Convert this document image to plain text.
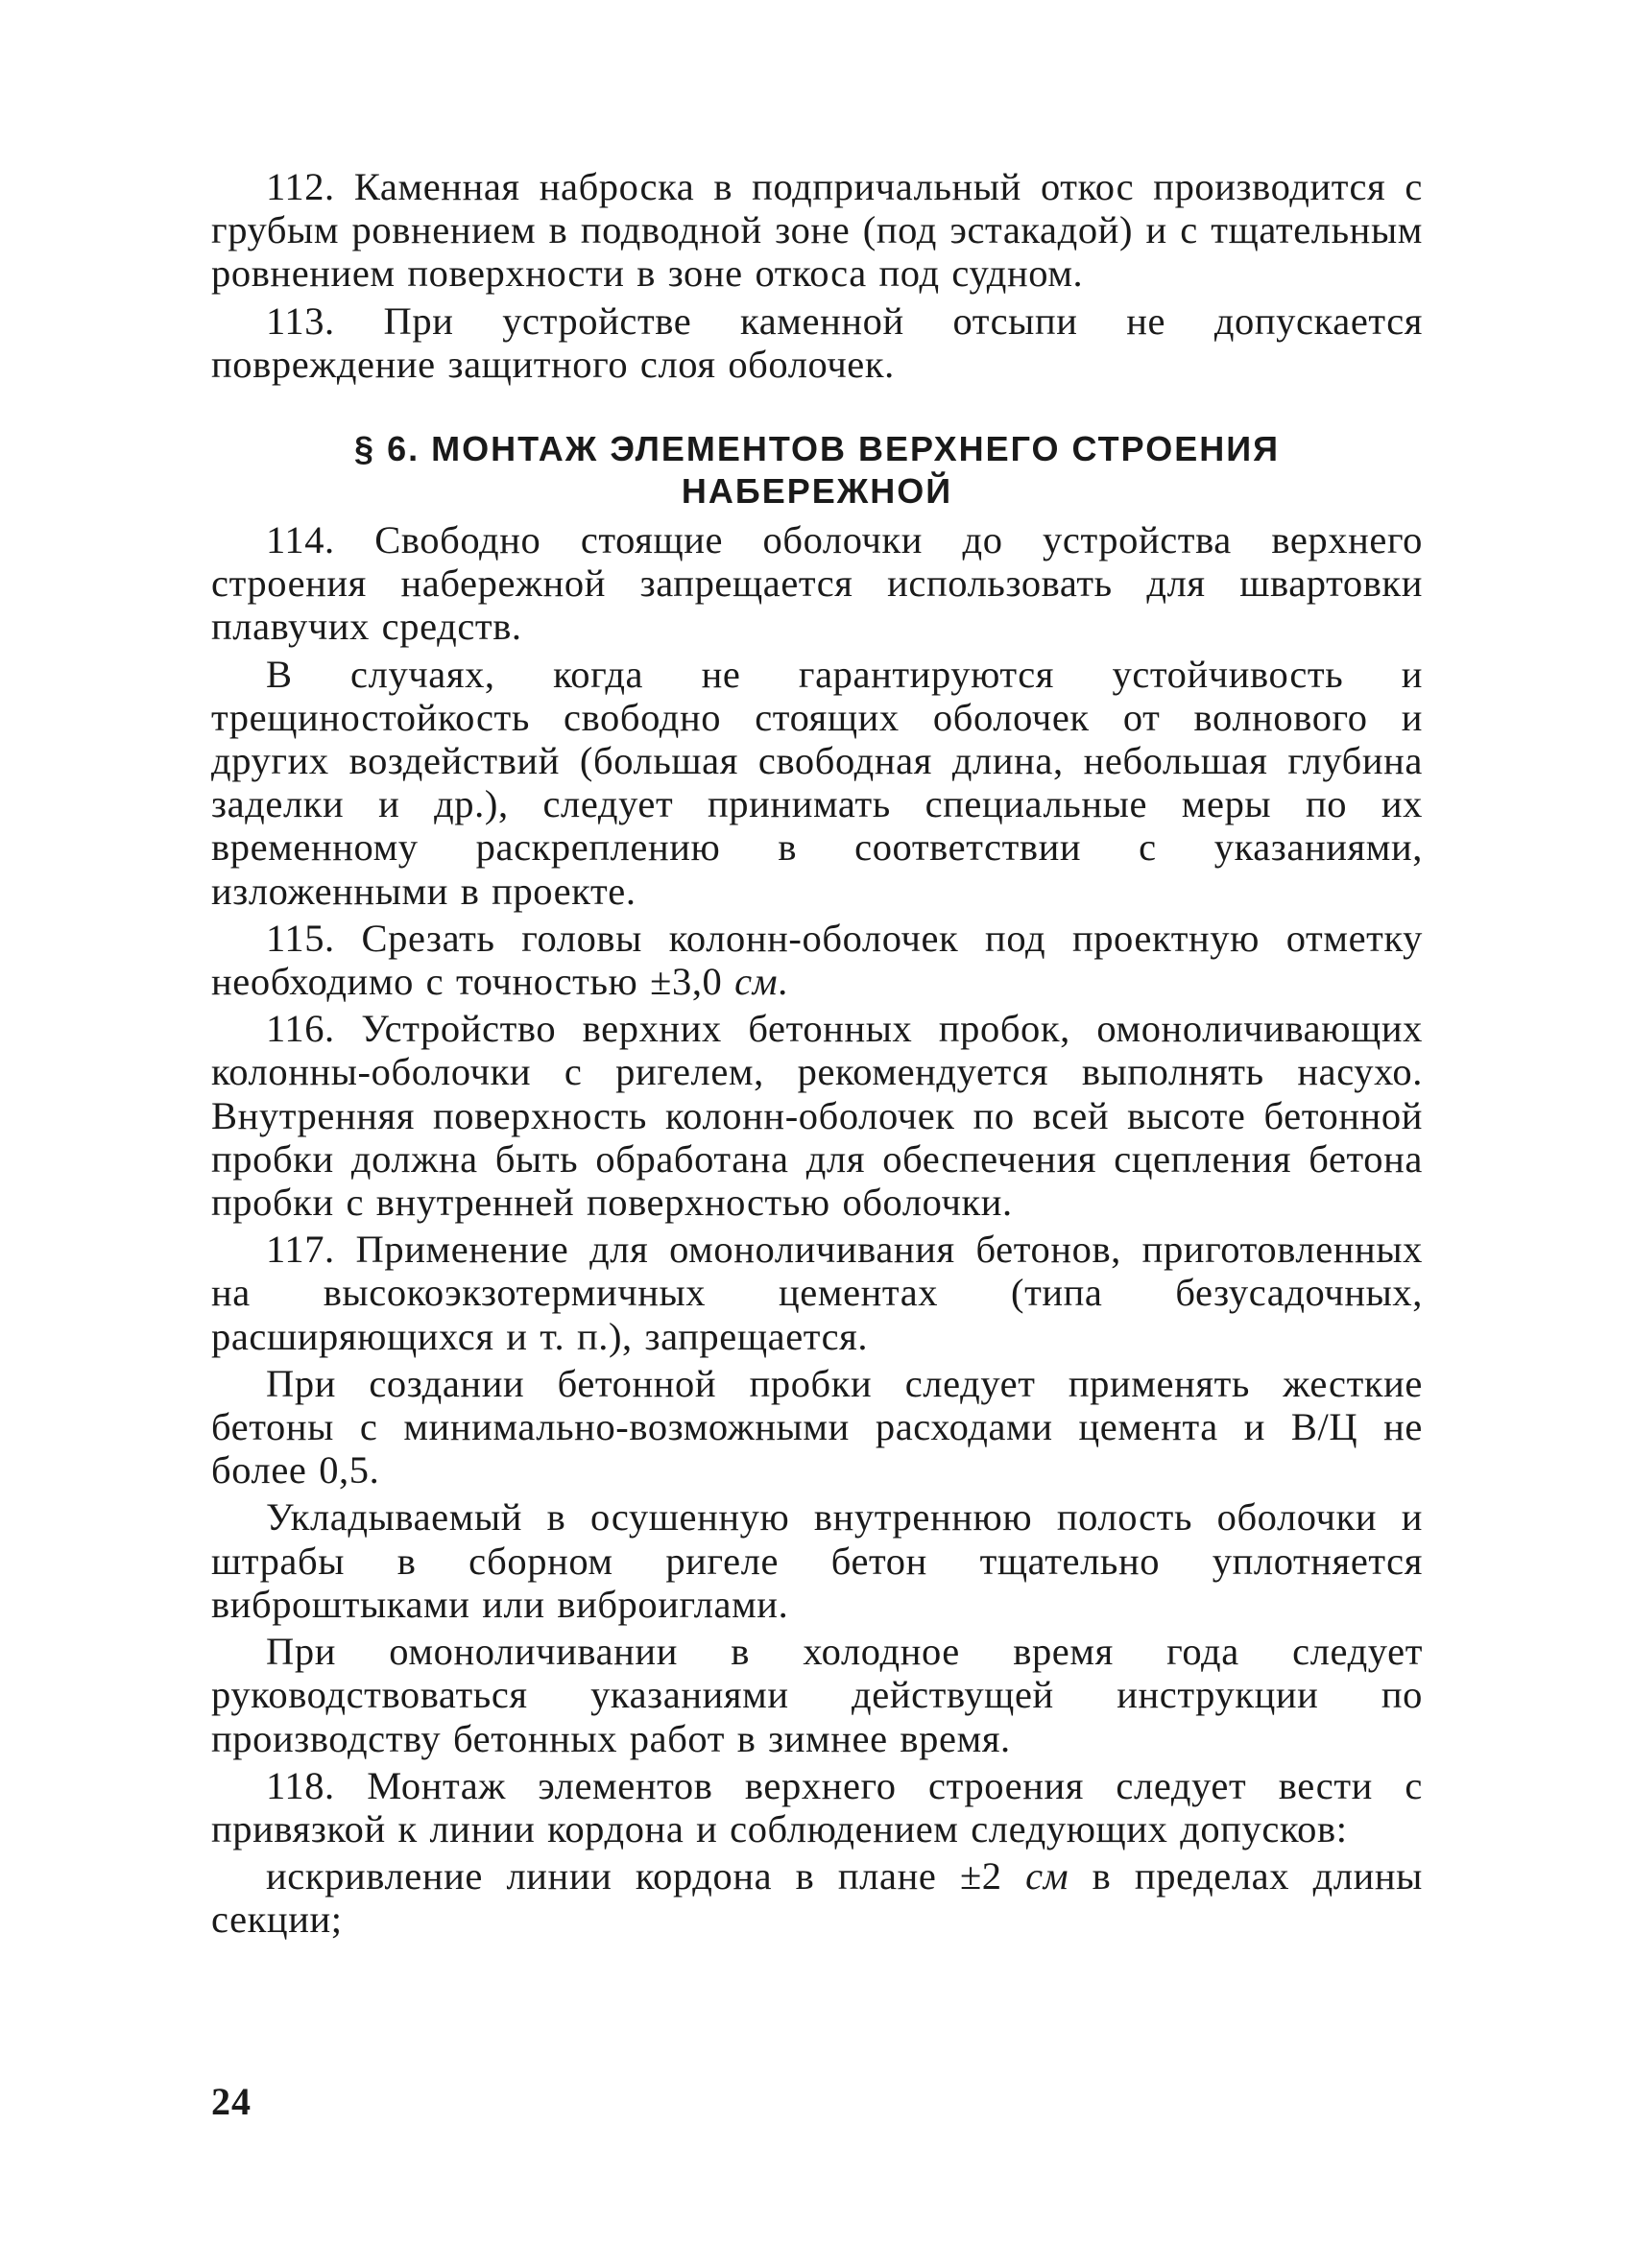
112. Каменная наброска в подпричальный откос производится с грубым ровнением в подводной зоне (под эстакадой) и с тщательным ровнением поверхности в зоне откоса под судном.

113. При устройстве каменной отсыпи не допускается повреждение защитного слоя оболочек.

§ 6. МОНТАЖ ЭЛЕМЕНТОВ ВЕРХНЕГО СТРОЕНИЯ
НАБЕРЕЖНОЙ

114. Свободно стоящие оболочки до устройства верхнего строения набережной запрещается использовать для швартовки плавучих средств.

В случаях, когда не гарантируются устойчивость и трещиностойкость свободно стоящих оболочек от волнового и других воздействий (большая свободная длина, небольшая глубина заделки и др.), следует принимать специальные меры по их временному раскреплению в соответствии с указаниями, изложенными в проекте.

115. Срезать головы колонн-оболочек под проектную отметку необходимо с точностью ±3,0 см.

116. Устройство верхних бетонных пробок, омоноличивающих колонны-оболочки с ригелем, рекомендуется выполнять насухо. Внутренняя поверхность колонн-оболочек по всей высоте бетонной пробки должна быть обработана для обеспечения сцепления бетона пробки с внутренней поверхностью оболочки.

117. Применение для омоноличивания бетонов, приготовленных на высокоэкзотермичных цементах (типа безусадочных, расширяющихся и т. п.), запрещается.

При создании бетонной пробки следует применять жесткие бетоны с минимально-возможными расходами цемента и В/Ц не более 0,5.

Укладываемый в осушенную внутреннюю полость оболочки и штрабы в сборном ригеле бетон тщательно уплотняется виброштыками или виброиглами.

При омоноличивании в холодное время года следует руководствоваться указаниями действущей инструкции по производству бетонных работ в зимнее время.

118. Монтаж элементов верхнего строения следует вести с привязкой к линии кордона и соблюдением следующих допусков:

искривление линии кордона в плане ±2 см в пределах длины секции;

24
